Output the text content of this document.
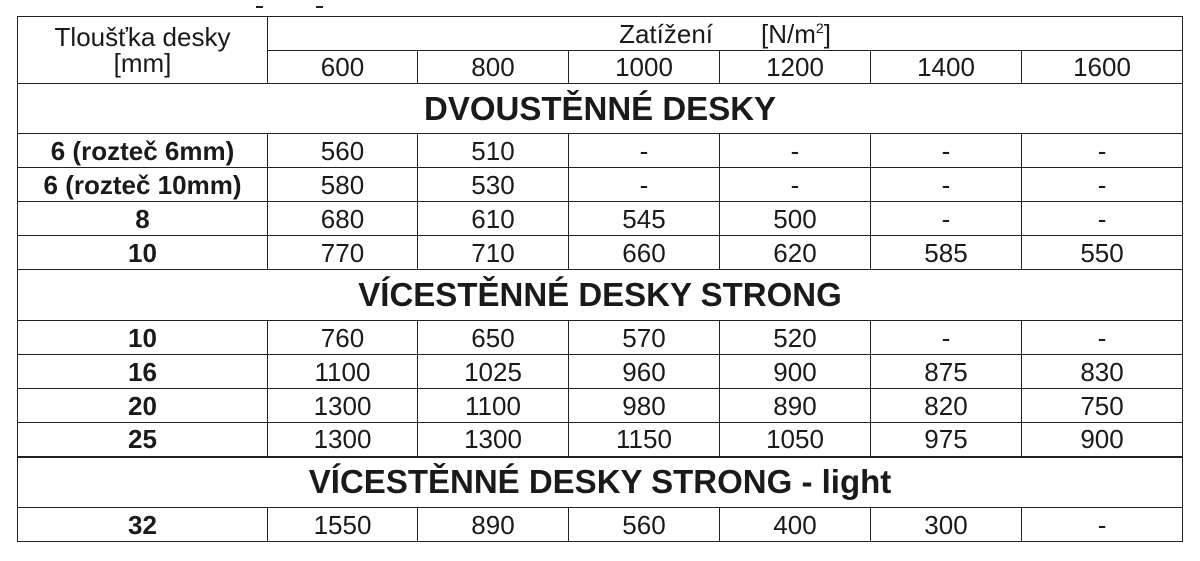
Tloušťka desky
[mm]	Zatížení $[N/m^2]$					
	600	800	1000	1200	1400	1600
DVOUSTĚNNÉ DESKY						
6 (rozteč 6mm)	560	510	-	-	-	-
6 (rozteč 10mm)	580	530	-	-	-	-
8	680	610	545	500	-	-
10	770	710	660	620	585	550
VÍCESTĚNNÉ DESKY STRONG						
10	760	650	570	520	-	-
16	1100	1025	960	900	875	830
20	1300	1100	980	890	820	750
25	1300	1300	1150	1050	975	900
VÍCESTĚNNÉ DESKY STRONG - light						
32	1550	890	560	400	300	-
